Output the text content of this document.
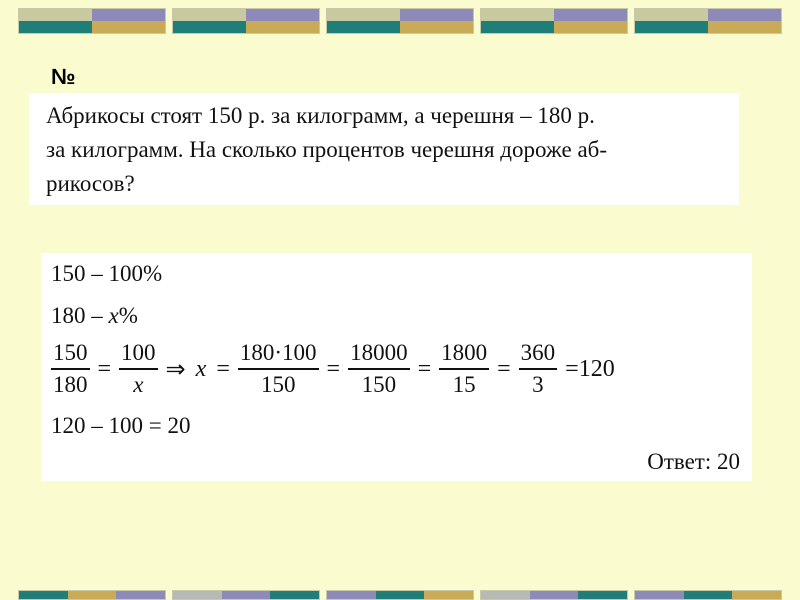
№
Абрикосы стоят 150 р. за килограмм, а черешня – 180 р.
за килограмм. На сколько процентов черешня дороже аб-
рикосов?
150 – 100%
180 – x%
$\frac{150}{180} = \frac{100}{x}$ ⇒ $x = \frac{180\cdot 100}{150} = \frac{18000}{150} = \frac{1800}{15} = \frac{360}{3} =120$
120 – 100 = 20
Ответ: 20
